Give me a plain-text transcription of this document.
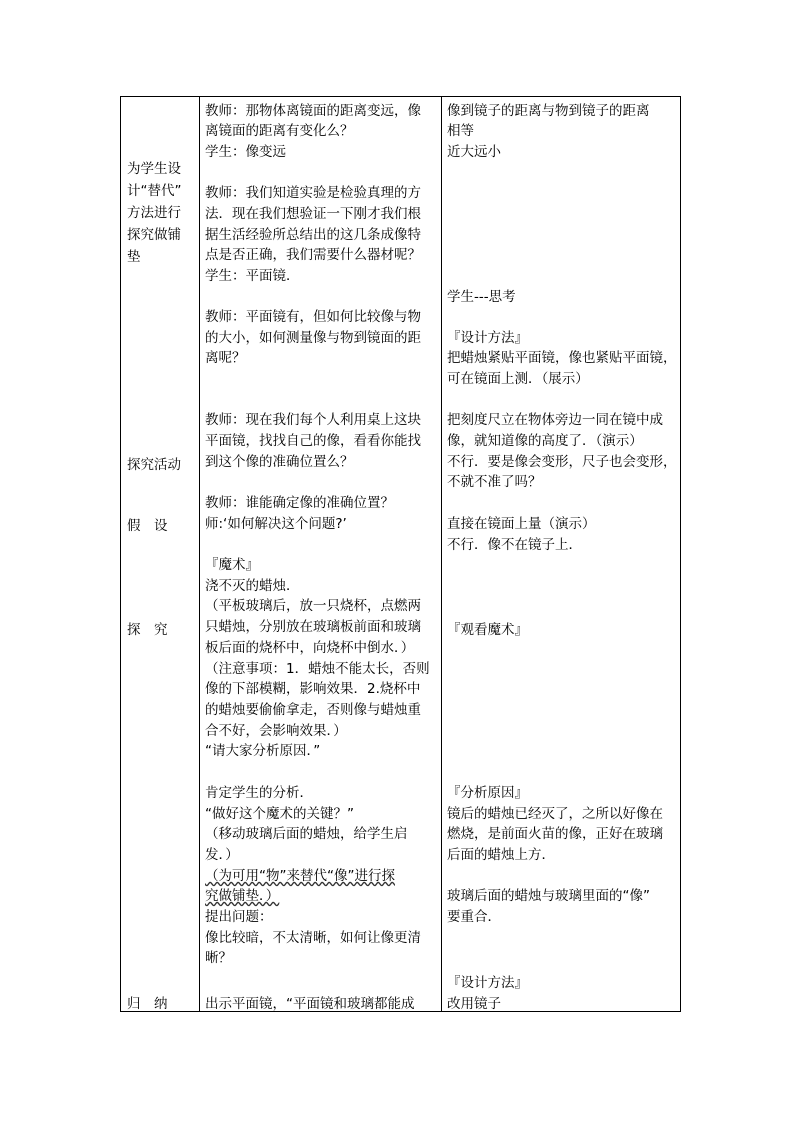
为学生设
计“替代”
方法进行
探究做铺
垫
探究活动
假　设
探　究
归　纳
教师：那物体离镜面的距离变远，像
离镜面的距离有变化么？
学生：像变远
教师：我们知道实验是检验真理的方
法．现在我们想验证一下刚才我们根
据生活经验所总结出的这几条成像特
点是否正确，我们需要什么器材呢？
学生：平面镜．
教师：平面镜有，但如何比较像与物
的大小，如何测量像与物到镜面的距
离呢？
教师：现在我们每个人利用桌上这块
平面镜，找找自己的像，看看你能找
到这个像的准确位置么？
教师：谁能确定像的准确位置？
师:‘如何解决这个问题?’
『魔术』
浇不灭的蜡烛．
（平板玻璃后，放一只烧杯，点燃两
只蜡烛，分别放在玻璃板前面和玻璃
板后面的烧杯中，向烧杯中倒水．）
（注意事项：1．蜡烛不能太长，否则
像的下部模糊，影响效果．2.烧杯中
的蜡烛要偷偷拿走，否则像与蜡烛重
合不好，会影响效果．）
“请大家分析原因．”
肯定学生的分析．
“做好这个魔术的关键？”
（移动玻璃后面的蜡烛，给学生启
发．）
（为可用“物”来替代“像”进行探
究做铺垫．）
提出问题：
像比较暗，不太清晰，如何让像更清
晰？
出示平面镜，“平面镜和玻璃都能成
像到镜子的距离与物到镜子的距离
相等
近大远小
学生---思考
『设计方法』
把蜡烛紧贴平面镜，像也紧贴平面镜，
可在镜面上测．（展示）
把刻度尺立在物体旁边一同在镜中成
像，就知道像的高度了．（演示）
不行．要是像会变形，尺子也会变形，
不就不准了吗？
直接在镜面上量（演示）
不行．像不在镜子上．
『观看魔术』
『分析原因』
镜后的蜡烛已经灭了，之所以好像在
燃烧，是前面火苗的像，正好在玻璃
后面的蜡烛上方．
玻璃后面的蜡烛与玻璃里面的“像”
要重合．
『设计方法』
改用镜子
